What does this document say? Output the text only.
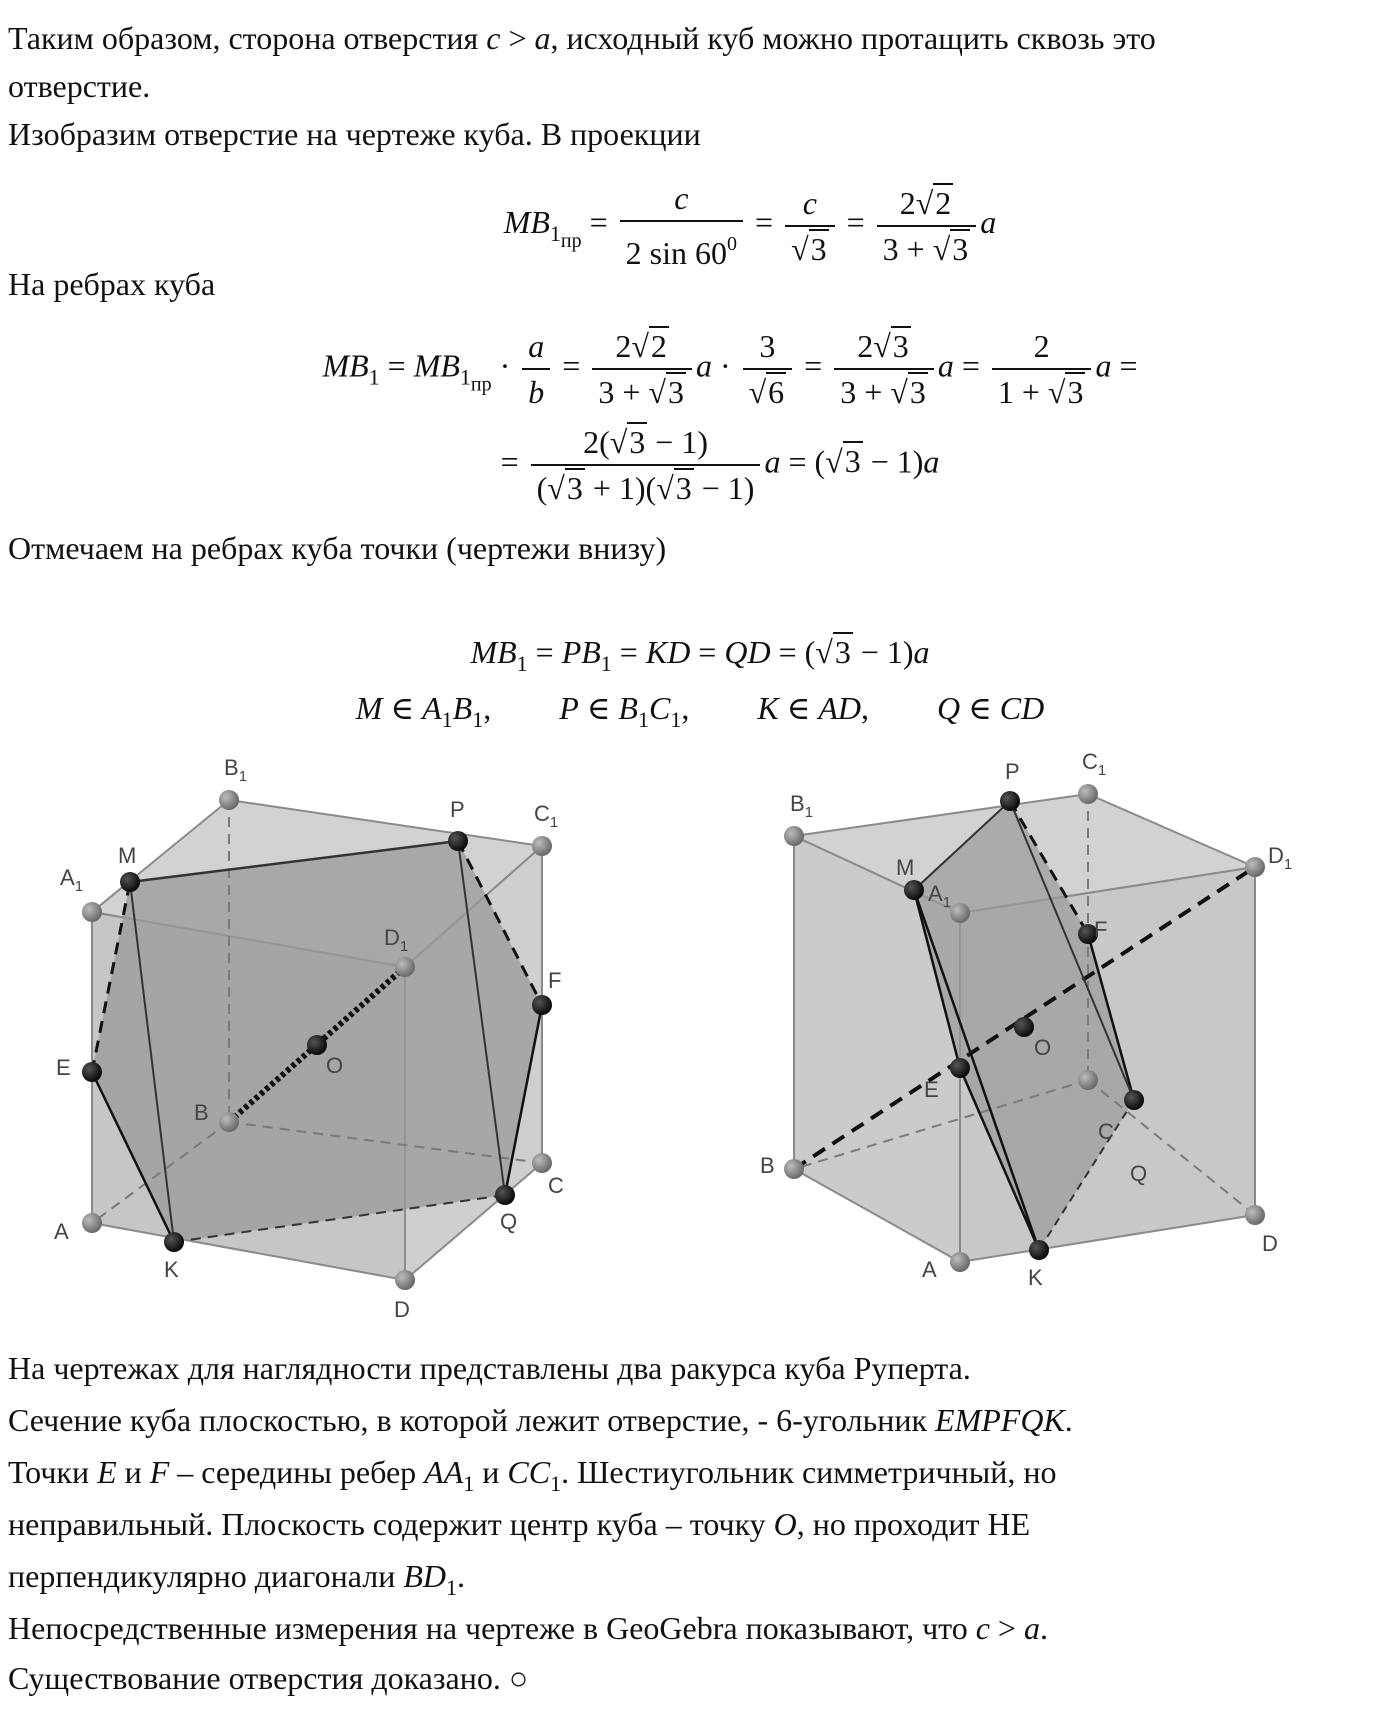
Таким образом, сторона отверстия c > a, исходный куб можно протащить сквозь это
отверстие.
Изобразим отверстие на чертеже куба. В проекции
$MB_{1пр} = \frac{c}{2 \sin 60^0} = \frac{c}{√3} = \frac{2√2}{3 + √3}$ a
На ребрах куба
$MB_1 = MB_{1пр} \cdot \frac{a}{b} = \frac{2√2}{3 + √3}$ $a \cdot \frac{3}{√6} = \frac{2√3}{3 + √3}$ $a = \frac{2}{1 + √3}$ a =
= $\frac{2(√3 - 1)}{(√3 + 1)(√3 - 1)}$ a = (√3 − 1)a
Отмечаем на ребрах куба точки (чертежи внизу)
$MB_1 = PB_1$ = KD = QD = (√3 − 1)a
M ∈ $A_1B_1$, P ∈ $B_1C_1$, K ∈ AD, Q ∈ CD
$B_1$
$C_1$
$A_1$
$D_1$
M
P
E
F
O
B
A
K
Q
C
D
P	$C_1$
$B_1$
$D_1$
M
$A_1$
F
O
E
B
C
Q
D
A	K
На чертежах для наглядности представлены два ракурса куба Руперта.
Сечение куба плоскостью, в которой лежит отверстие, - 6-угольник EMPFQK.
Точки E и F – середины ребер $AA_1$ и $CC_1$. Шестиугольник симметричный, но
неправильный. Плоскость содержит центр куба – точку O, но проходит НЕ
перпендикулярно диагонали $BD_1$.
Непосредственные измерения на чертеже в GeoGebra показывают, что c > a.
Существование отверстия доказано. ○
